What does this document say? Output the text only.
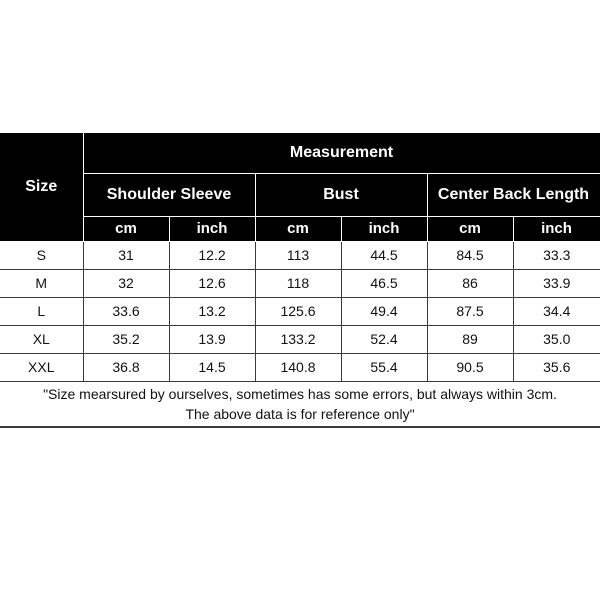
Size	Measurement					
	Shoulder Sleeve		Bust		Center Back Length	
	cm	inch	cm	inch	cm	inch
S	31	12.2	113	44.5	84.5	33.3
M	32	12.6	118	46.5	86	33.9
L	33.6	13.2	125.6	49.4	87.5	34.4
XL	35.2	13.9	133.2	52.4	89	35.0
XXL	36.8	14.5	140.8	55.4	90.5	35.6

"Size mearsured by ourselves, sometimes has some errors, but always within 3cm.
The above data is for reference only"						
